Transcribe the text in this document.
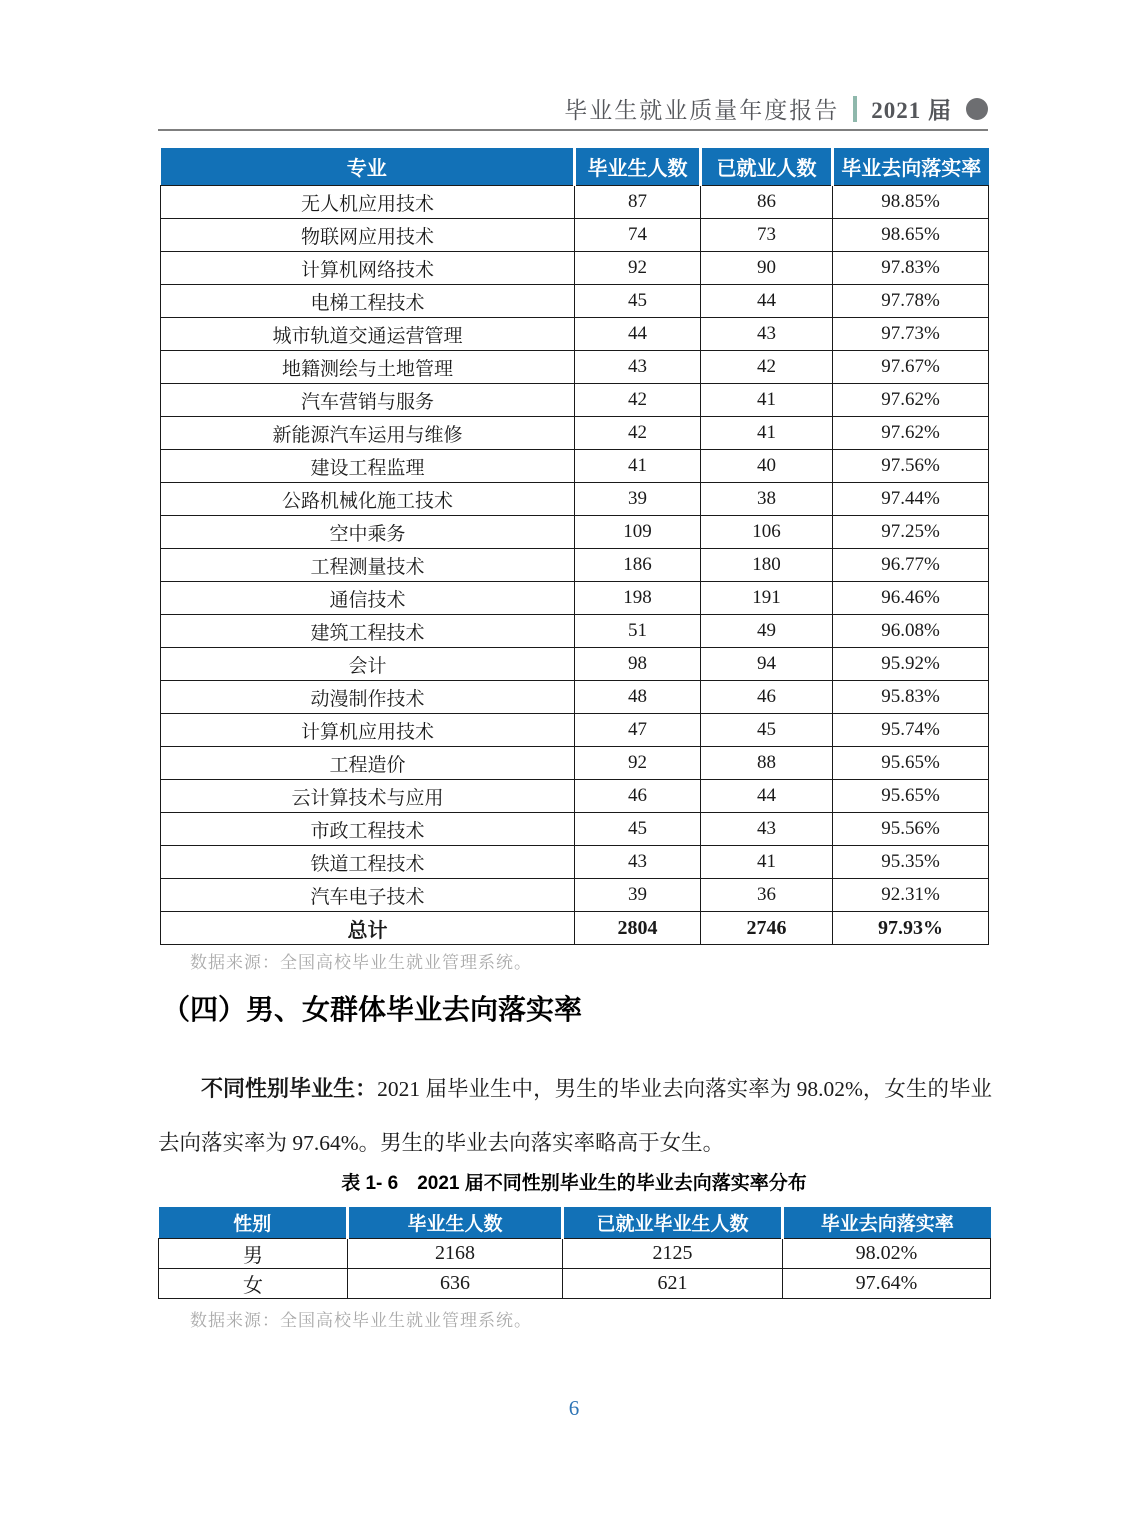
毕业生就业质量年度报告 2021 届
专业	毕业生人数	已就业人数	毕业去向落实率
无人机应用技术	87	86	98.85%
物联网应用技术	74	73	98.65%
计算机网络技术	92	90	97.83%
电梯工程技术	45	44	97.78%
城市轨道交通运营管理	44	43	97.73%
地籍测绘与土地管理	43	42	97.67%
汽车营销与服务	42	41	97.62%
新能源汽车运用与维修	42	41	97.62%
建设工程监理	41	40	97.56%
公路机械化施工技术	39	38	97.44%
空中乘务	109	106	97.25%
工程测量技术	186	180	96.77%
通信技术	198	191	96.46%
建筑工程技术	51	49	96.08%
会计	98	94	95.92%
动漫制作技术	48	46	95.83%
计算机应用技术	47	45	95.74%
工程造价	92	88	95.65%
云计算技术与应用	46	44	95.65%
市政工程技术	45	43	95.56%
铁道工程技术	43	41	95.35%
汽车电子技术	39	36	92.31%
总计	2804	2746	97.93%
数据来源：全国高校毕业生就业管理系统。
（四）男、女群体毕业去向落实率

不同性别毕业生：2021 届毕业生中，男生的毕业去向落实率为 98.02%，女生的毕业去向落实率为 97.64%。男生的毕业去向落实率略高于女生。

表 1- 6　2021 届不同性别毕业生的毕业去向落实率分布
性别	毕业生人数	已就业毕业生人数	毕业去向落实率
男	2168	2125	98.02%
女	636	621	97.64%
数据来源：全国高校毕业生就业管理系统。
6
